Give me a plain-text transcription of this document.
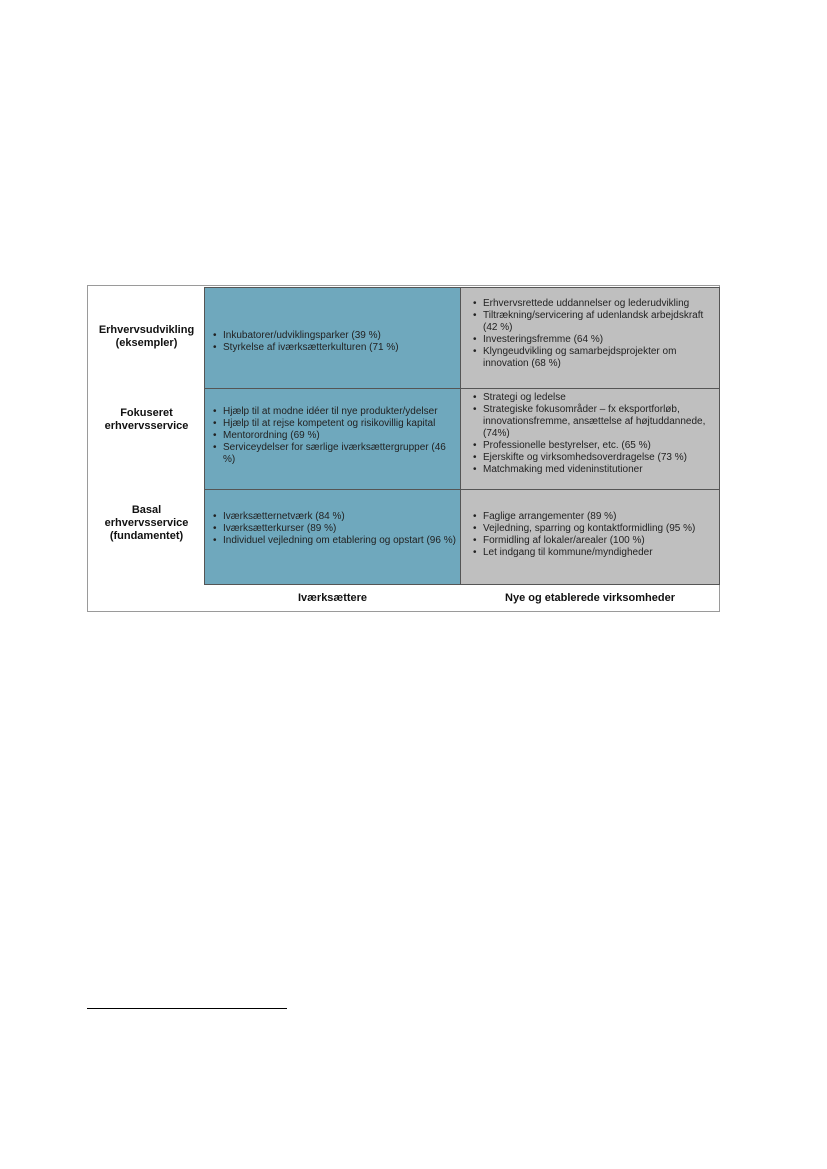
Erhvervsudvikling
(eksempler)
Fokuseret
erhvervsservice
Basal
erhvervsservice
(fundamentet)
• Inkubatorer/udviklingsparker (39 %)
• Styrkelse af iværksætterkulturen (71 %)
• Erhvervsrettede uddannelser og lederudvikling
• Tiltrækning/servicering af udenlandsk arbejdskraft (42 %)
• Investeringsfremme (64 %)
• Klyngeudvikling og samarbejdsprojekter om innovation (68 %)
• Hjælp til at modne idéer til nye produkter/ydelser
• Hjælp til at rejse kompetent og risikovillig kapital
• Mentorordning (69 %)
• Serviceydelser for særlige iværksættergrupper (46 %)
• Strategi og ledelse
• Strategiske fokusområder – fx eksportforløb, innovationsfremme, ansættelse af højtuddannede, (74%)
• Professionelle bestyrelser, etc. (65 %)
• Ejerskifte og virksomhedsoverdragelse (73 %)
• Matchmaking med videninstitutioner
• Iværksætternetværk (84 %)
• Iværksætterkurser (89 %)
• Individuel vejledning om etablering og opstart (96 %)
• Faglige arrangementer (89 %)
• Vejledning, sparring og kontaktformidling (95 %)
• Formidling af lokaler/arealer (100 %)
• Let indgang til kommune/myndigheder
Iværksættere	Nye og etablerede virksomheder
